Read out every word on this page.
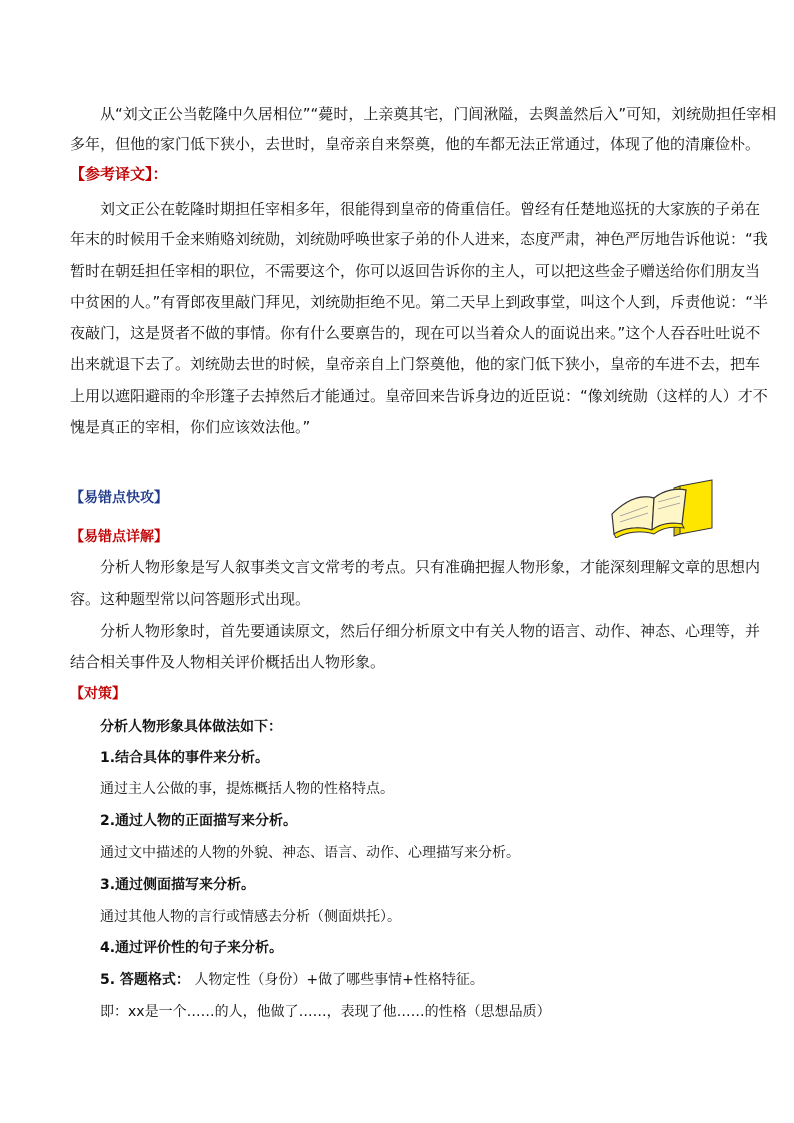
从“刘文正公当乾隆中久居相位”“薨时，上亲奠其宅，门闾湫隘，去舆盖然后入”可知，刘统勋担任宰相
多年，但他的家门低下狭小，去世时，皇帝亲自来祭奠，他的车都无法正常通过，体现了他的清廉俭朴。
【参考译文】：
刘文正公在乾隆时期担任宰相多年，很能得到皇帝的倚重信任。曾经有任楚地巡抚的大家族的子弟在
年末的时候用千金来贿赂刘统勋，刘统勋呼唤世家子弟的仆人进来，态度严肃，神色严厉地告诉他说：“我
暂时在朝廷担任宰相的职位，不需要这个，你可以返回告诉你的主人，可以把这些金子赠送给你们朋友当
中贫困的人。”有胥郎夜里敲门拜见，刘统勋拒绝不见。第二天早上到政事堂，叫这个人到，斥责他说：“半
夜敲门，这是贤者不做的事情。你有什么要禀告的，现在可以当着众人的面说出来。”这个人吞吞吐吐说不
出来就退下去了。刘统勋去世的时候，皇帝亲自上门祭奠他，他的家门低下狭小，皇帝的车进不去，把车
上用以遮阳避雨的伞形篷子去掉然后才能通过。皇帝回来告诉身边的近臣说：“像刘统勋（这样的人）才不
愧是真正的宰相，你们应该效法他。”
【易错点快攻】
【易错点详解】
分析人物形象是写人叙事类文言文常考的考点。只有准确把握人物形象，才能深刻理解文章的思想内
容。这种题型常以问答题形式出现。
分析人物形象时，首先要通读原文，然后仔细分析原文中有关人物的语言、动作、神态、心理等，并
结合相关事件及人物相关评价概括出人物形象。
【对策】
分析人物形象具体做法如下：
1.结合具体的事件来分析。
通过主人公做的事，提炼概括人物的性格特点。
2.通过人物的正面描写来分析。
通过文中描述的人物的外貌、神态、语言、动作、心理描写来分析。
3.通过侧面描写来分析。
通过其他人物的言行或情感去分析（侧面烘托）。
4.通过评价性的句子来分析。
5. 答题格式： 人物定性（身份）+做了哪些事情+性格特征。
即：xx是一个……的人，他做了……，表现了他……的性格（思想品质）
